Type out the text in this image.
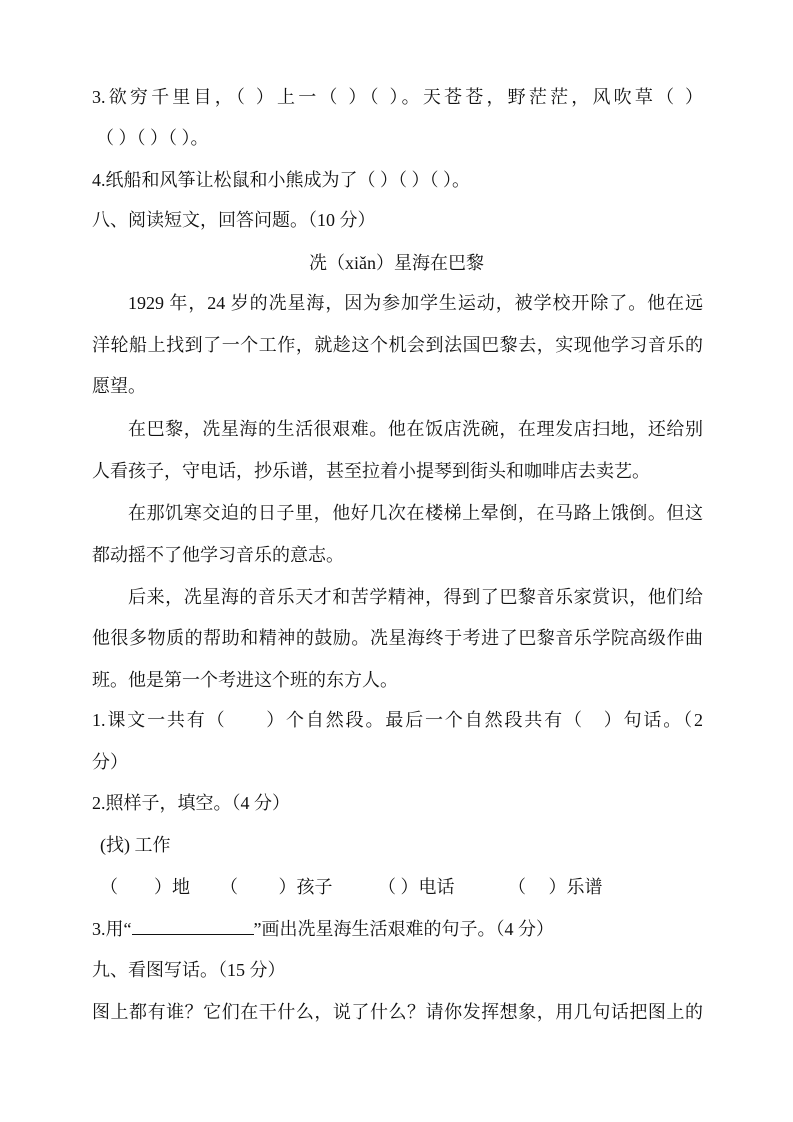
3.欲穷千里目，（ ）上一（ ）（ ）。天苍苍，野茫茫，风吹草（ ）
（ ）（ ）（ ）。
4.纸船和风筝让松鼠和小熊成为了（ ）（ ）（ ）。
八、阅读短文，回答问题。（10 分）
冼（xiǎn）星海在巴黎
1929 年，24 岁的冼星海，因为参加学生运动，被学校开除了。他在远
洋轮船上找到了一个工作，就趁这个机会到法国巴黎去，实现他学习音乐的
愿望。
在巴黎，冼星海的生活很艰难。他在饭店洗碗，在理发店扫地，还给别
人看孩子，守电话，抄乐谱，甚至拉着小提琴到街头和咖啡店去卖艺。
在那饥寒交迫的日子里，他好几次在楼梯上晕倒，在马路上饿倒。但这
都动摇不了他学习音乐的意志。
后来，冼星海的音乐天才和苦学精神，得到了巴黎音乐家赏识，他们给
他很多物质的帮助和精神的鼓励。冼星海终于考进了巴黎音乐学院高级作曲
班。他是第一个考进这个班的东方人。
1.课文一共有（　　）个自然段。最后一个自然段共有（　）句话。（2
分）
2.照样子，填空。（4 分）
(找) 工作
（　　）地 （　　 ）孩子	（ ）电话	（　 ）乐谱
3.用“	”画出冼星海生活艰难的句子。（4 分）
九、看图写话。（15 分）
图上都有谁？它们在干什么，说了什么？请你发挥想象，用几句话把图上的
